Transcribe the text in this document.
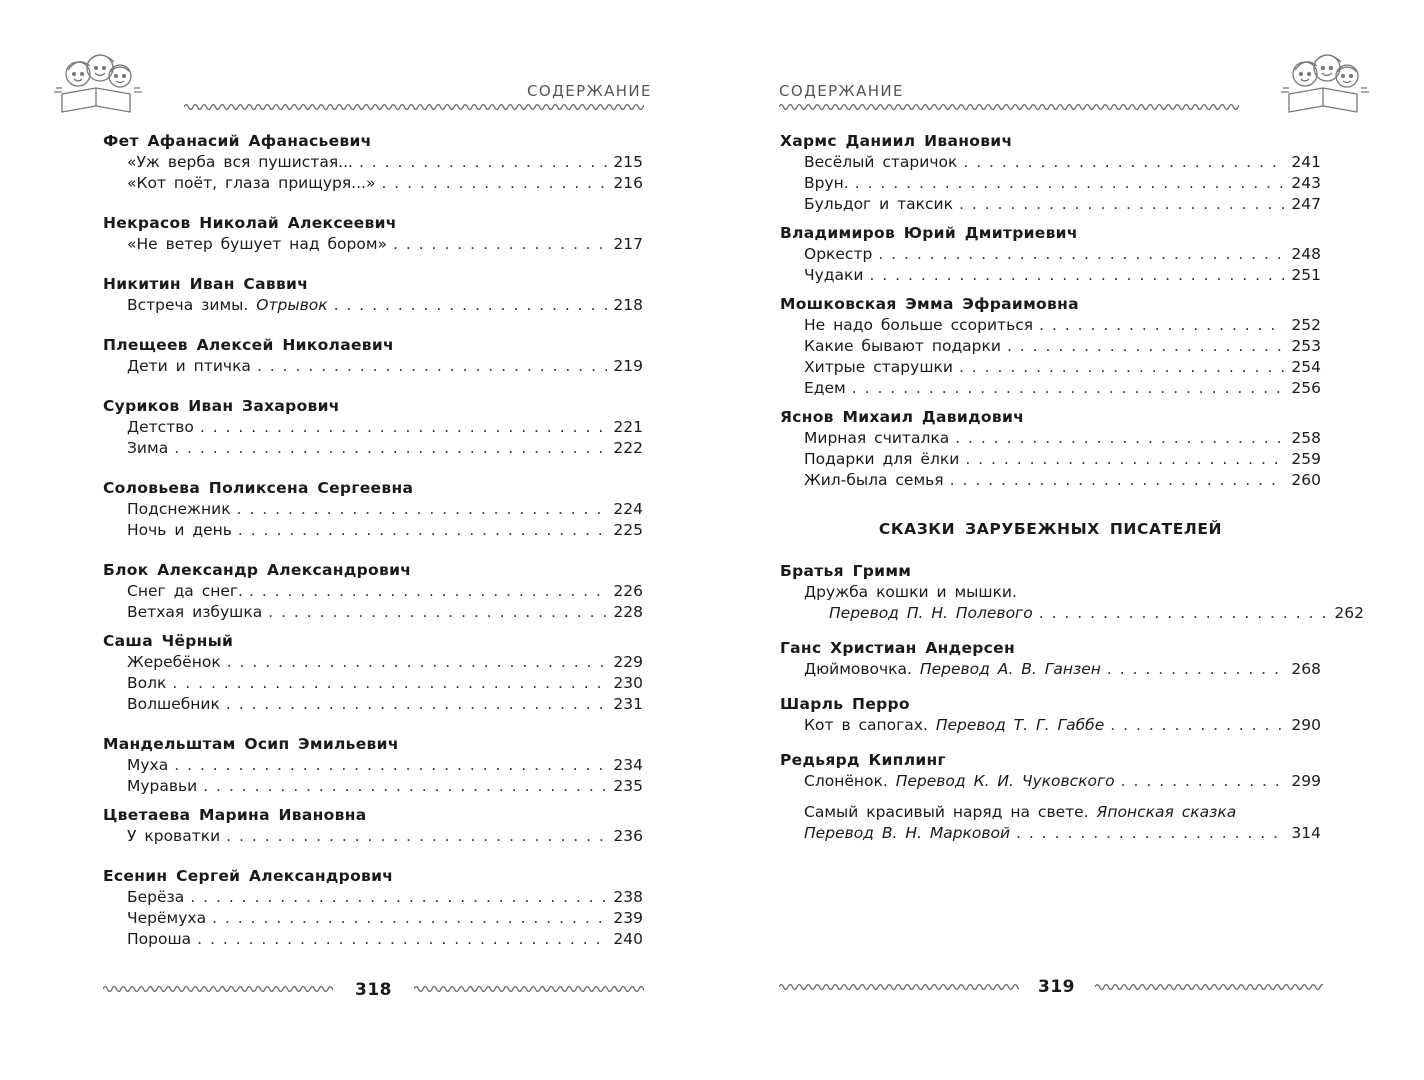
СОДЕРЖАНИЕ
Фет Афанасий Афанасьевич
«Уж верба вся пушистая... . . .	215
«Кот поёт, глаза прищуря...» . . .	216
Некрасов Николай Алексеевич
«Не ветер бушует над бором» . . .	217
Никитин Иван Саввич
Встреча зимы. Отрывок . . .	218
Плещеев Алексей Николаевич
Дети и птичка . . .	219
Суриков Иван Захарович
Детство . . .	221
Зима . . .	222
Соловьева Поликсена Сергеевна
Подснежник . . .	224
Ночь и день . . .	225
Блок Александр Александрович
Снег да снег. . . .	226
Ветхая избушка . . .	228
Саша Чёрный
Жеребёнок . . .	229
Волк . . .	230
Волшебник . . .	231
Мандельштам Осип Эмильевич
Муха . . .	234
Муравьи . . .	235
Цветаева Марина Ивановна
У кроватки . . .	236
Есенин Сергей Александрович
Берёза . . .	238
Черёмуха . . .	239
Пороша . . .	240
318
СОДЕРЖАНИЕ
Хармс Даниил Иванович
Весёлый старичок . . .	241
Врун. . . .	243
Бульдог и таксик . . .	247
Владимиров Юрий Дмитриевич
Оркестр . . .	248
Чудаки . . .	251
Мошковская Эмма Эфраимовна
Не надо больше ссориться . . .	252
Какие бывают подарки . . .	253
Хитрые старушки . . .	254
Едем . . .	256
Яснов Михаил Давидович
Мирная считалка . . .	258
Подарки для ёлки . . .	259
Жил-была семья . . .	260
СКАЗКИ ЗАРУБЕЖНЫХ ПИСАТЕЛЕЙ
Братья Гримм
Дружба кошки и мышки.
Перевод П. Н. Полевого . . .	262
Ганс Христиан Андерсен
Дюймовочка. Перевод А. В. Ганзен . . .	268
Шарль Перро
Кот в сапогах. Перевод Т. Г. Габбе . . .	290
Редьярд Киплинг
Слонёнок. Перевод К. И. Чуковского . . .	299
Самый красивый наряд на свете. Японская сказка
Перевод В. Н. Марковой . . .	314
319
